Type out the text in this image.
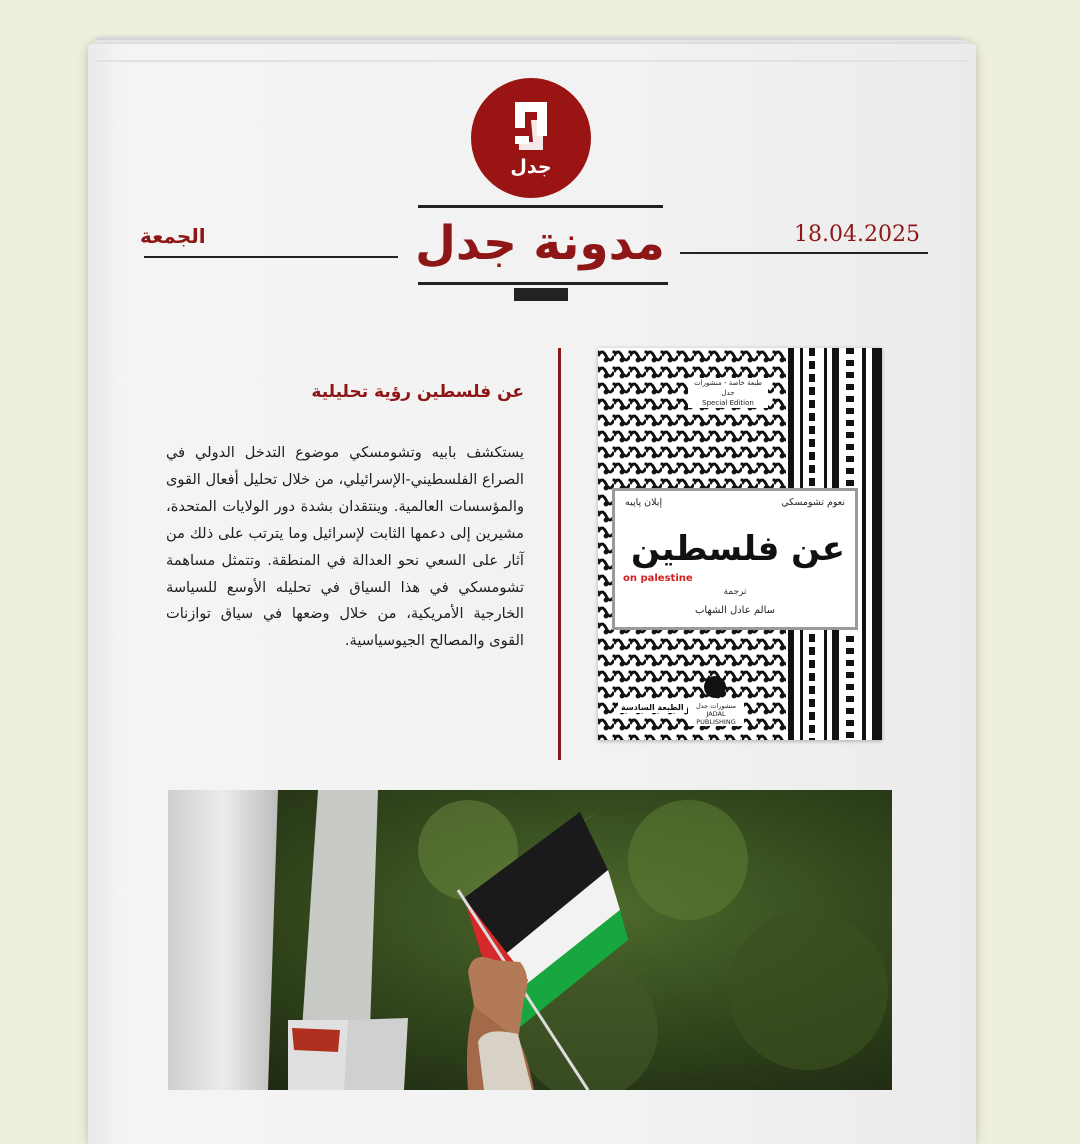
جدل
مدونة جدل
الجمعة	18.04.2025
عن فلسطين رؤية تحليلية
يستكشف بابيه وتشومسكي موضوع التدخل الدولي في الصراع الفلسطيني-الإسرائيلي، من خلال تحليل أفعال القوى والمؤسسات العالمية. وينتقدان بشدة دور الولايات المتحدة، مشيرين إلى دعمها الثابت لإسرائيل وما يترتب على ذلك من آثار على السعي نحو العدالة في المنطقة. وتتمثل مساهمة تشومسكي في هذا السياق في تحليله الأوسع للسياسة الخارجية الأمريكية، من خلال وضعها في سياق توازنات القوى والمصالح الجيوسياسية.
طبعة خاصة - منشورات جدل
Special Edition
نعوم تشومسكي
إيلان پاپيه
عن فلسطين
on palestine
ترجمة
سالم عادل الشهاب
منشورات جدل
JADAL PUBLISHING
الطبعة السادسة
